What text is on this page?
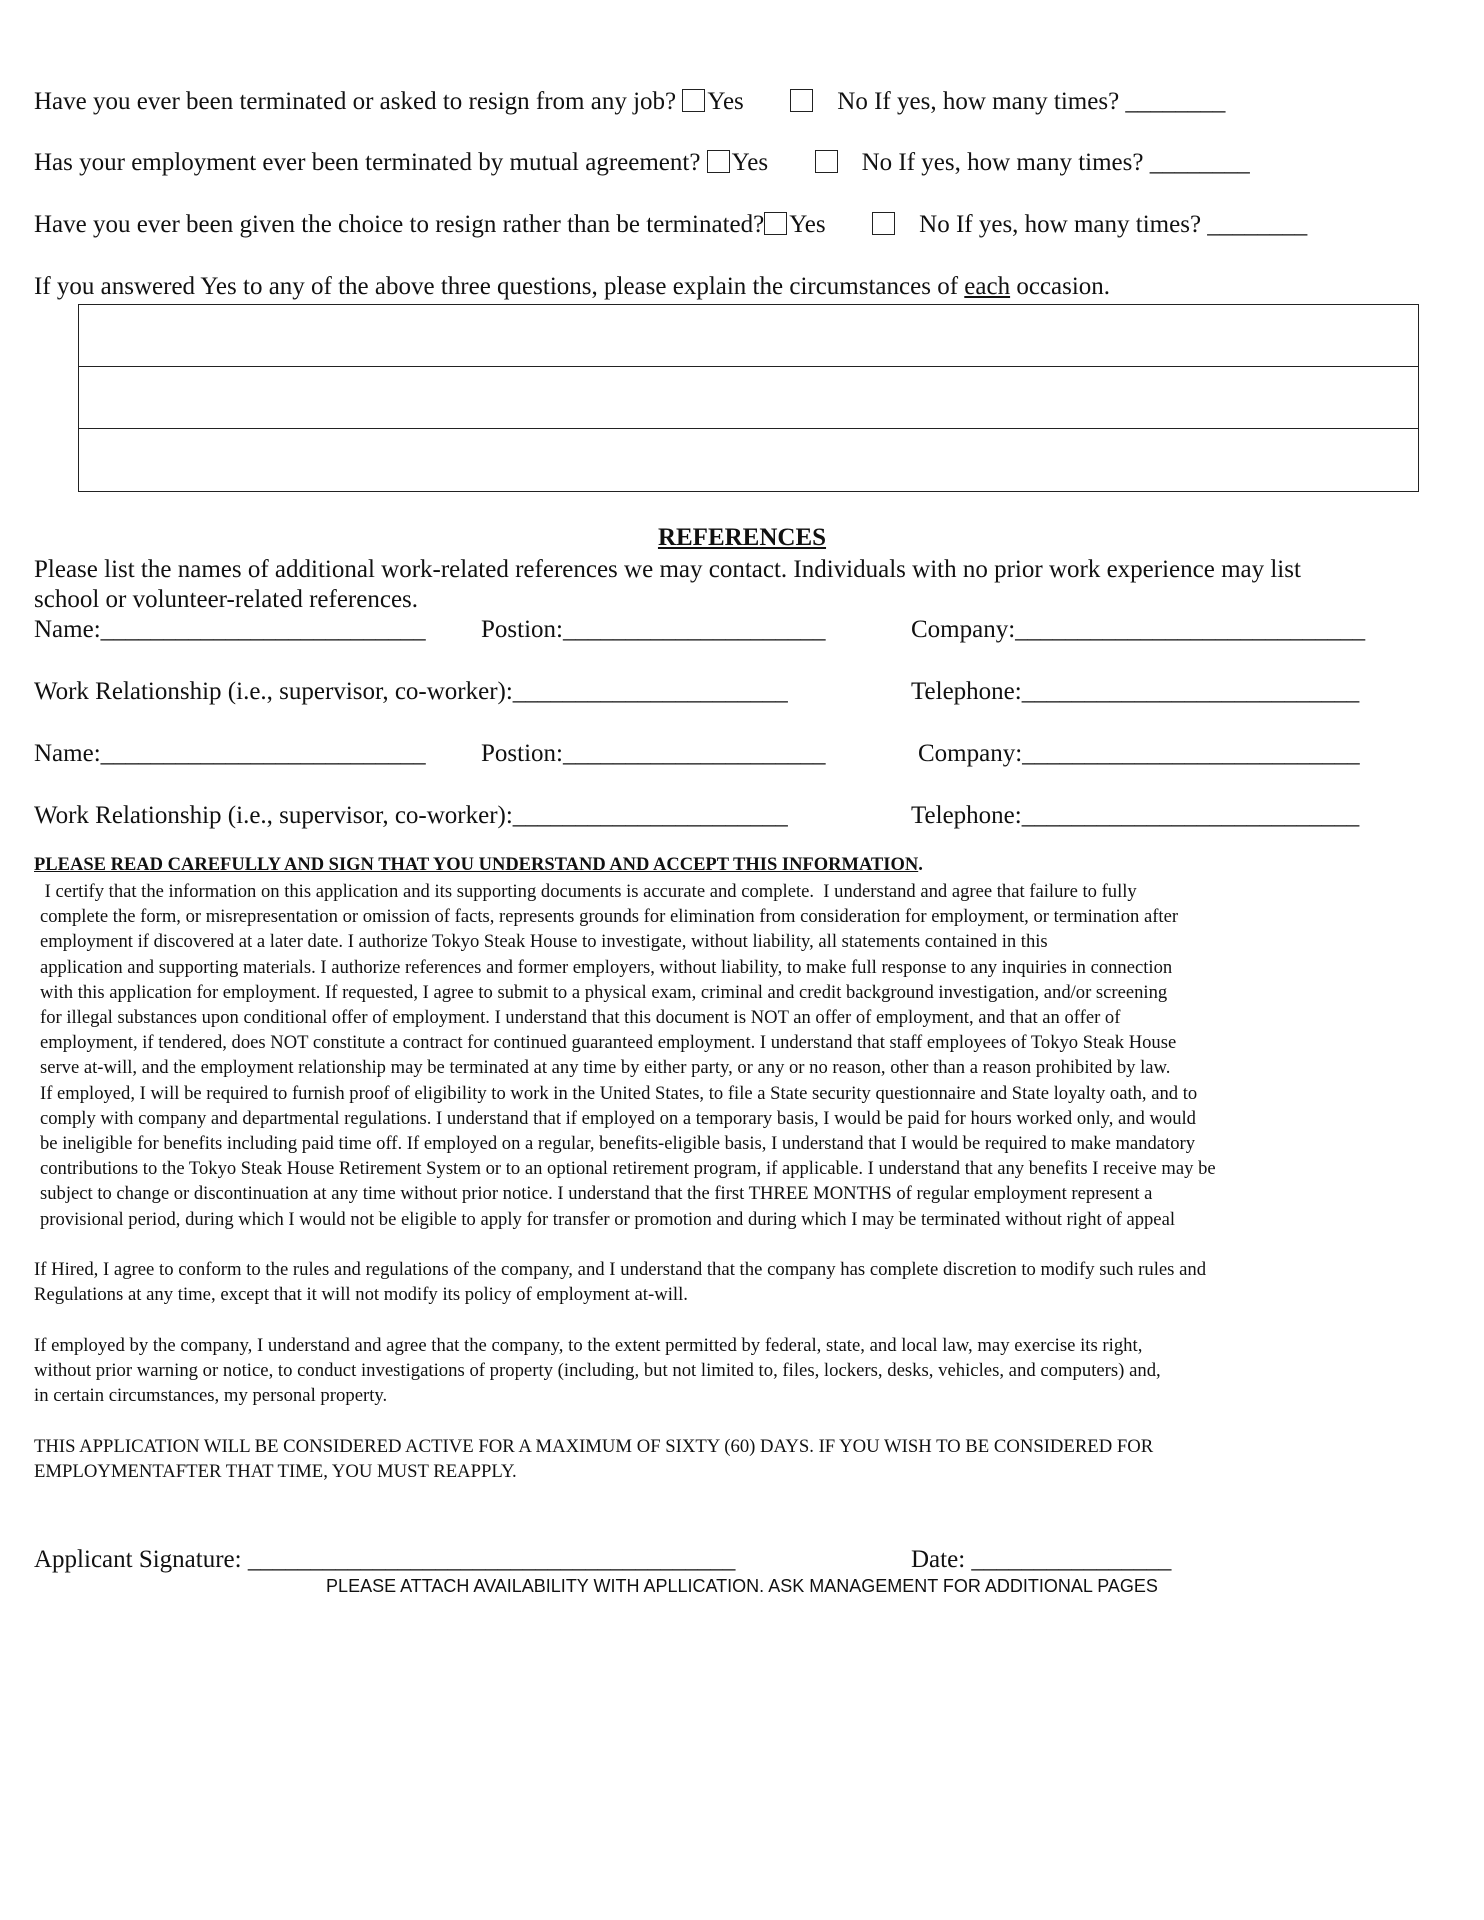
Have you ever been terminated or asked to resign from any job? Yes	No If yes, how many times? ________
Has your employment ever been terminated by mutual agreement? Yes	No If yes, how many times? ________
Have you ever been given the choice to resign rather than be terminated? Yes	No If yes, how many times? ________
If you answered Yes to any of the above three questions, please explain the circumstances of each occasion.
REFERENCES
Please list the names of additional work-related references we may contact. Individuals with no prior work experience may list
school or volunteer-related references.
Name:__________________________ Postion:_____________________	Company:____________________________
Work Relationship (i.e., supervisor, co-worker):______________________	Telephone:___________________________
Name:__________________________ Postion:_____________________	Company:___________________________
Work Relationship (i.e., supervisor, co-worker):______________________	Telephone:___________________________
PLEASE READ CAREFULLY AND SIGN THAT YOU UNDERSTAND AND ACCEPT THIS INFORMATION.
I certify that the information on this application and its supporting documents is accurate and complete.  I understand and agree that failure to fully
complete the form, or misrepresentation or omission of facts, represents grounds for elimination from consideration for employment, or termination after
employment if discovered at a later date. I authorize Tokyo Steak House to investigate, without liability, all statements contained in this
application and supporting materials. I authorize references and former employers, without liability, to make full response to any inquiries in connection
with this application for employment. If requested, I agree to submit to a physical exam, criminal and credit background investigation, and/or screening
for illegal substances upon conditional offer of employment. I understand that this document is NOT an offer of employment, and that an offer of
employment, if tendered, does NOT constitute a contract for continued guaranteed employment. I understand that staff employees of Tokyo Steak House
serve at-will, and the employment relationship may be terminated at any time by either party, or any or no reason, other than a reason prohibited by law.
If employed, I will be required to furnish proof of eligibility to work in the United States, to file a State security questionnaire and State loyalty oath, and to
comply with company and departmental regulations. I understand that if employed on a temporary basis, I would be paid for hours worked only, and would
be ineligible for benefits including paid time off. If employed on a regular, benefits-eligible basis, I understand that I would be required to make mandatory
contributions to the Tokyo Steak House Retirement System or to an optional retirement program, if applicable. I understand that any benefits I receive may be
subject to change or discontinuation at any time without prior notice. I understand that the first THREE MONTHS of regular employment represent a
provisional period, during which I would not be eligible to apply for transfer or promotion and during which I may be terminated without right of appeal
If Hired, I agree to conform to the rules and regulations of the company, and I understand that the company has complete discretion to modify such rules and
Regulations at any time, except that it will not modify its policy of employment at-will.
If employed by the company, I understand and agree that the company, to the extent permitted by federal, state, and local law, may exercise its right,
without prior warning or notice, to conduct investigations of property (including, but not limited to, files, lockers, desks, vehicles, and computers) and,
in certain circumstances, my personal property.
THIS APPLICATION WILL BE CONSIDERED ACTIVE FOR A MAXIMUM OF SIXTY (60) DAYS. IF YOU WISH TO BE CONSIDERED FOR
EMPLOYMENTAFTER THAT TIME, YOU MUST REAPPLY.
Applicant Signature: _______________________________________	Date: ________________
PLEASE ATTACH AVAILABILITY WITH APLLICATION. ASK MANAGEMENT FOR ADDITIONAL PAGES
